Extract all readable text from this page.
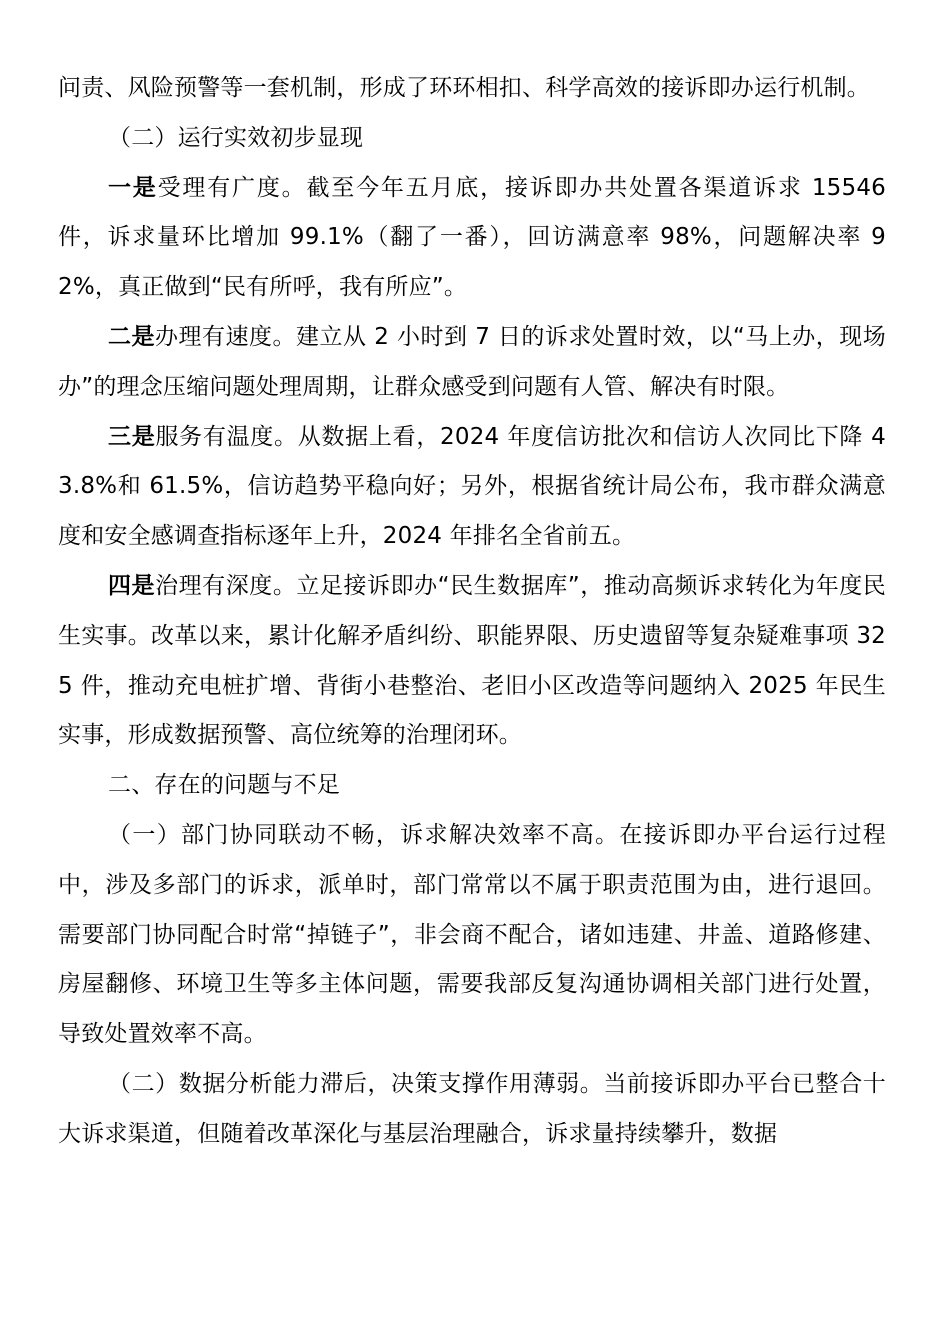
问责、风险预警等一套机制，形成了环环相扣、科学高效的接诉即办运行机制。

（二）运行实效初步显现

一是受理有广度。截至今年五月底，接诉即办共处置各渠道诉求 15546 件，诉求量环比增加 99.1%（翻了一番），回访满意率 98%，问题解决率 92%，真正做到“民有所呼，我有所应”。

二是办理有速度。建立从 2 小时到 7 日的诉求处置时效，以“马上办，现场办”的理念压缩问题处理周期，让群众感受到问题有人管、解决有时限。

三是服务有温度。从数据上看，2024 年度信访批次和信访人次同比下降 43.8%和 61.5%，信访趋势平稳向好；另外，根据省统计局公布，我市群众满意度和安全感调查指标逐年上升，2024 年排名全省前五。

四是治理有深度。立足接诉即办“民生数据库”，推动高频诉求转化为年度民生实事。改革以来，累计化解矛盾纠纷、职能界限、历史遗留等复杂疑难事项 325 件，推动充电桩扩增、背街小巷整治、老旧小区改造等问题纳入 2025 年民生实事，形成数据预警、高位统筹的治理闭环。

二、存在的问题与不足

（一）部门协同联动不畅，诉求解决效率不高。在接诉即办平台运行过程中，涉及多部门的诉求，派单时，部门常常以不属于职责范围为由，进行退回。需要部门协同配合时常“掉链子”，非会商不配合，诸如违建、井盖、道路修建、房屋翻修、环境卫生等多主体问题，需要我部反复沟通协调相关部门进行处置，导致处置效率不高。

（二）数据分析能力滞后，决策支撑作用薄弱。当前接诉即办平台已整合十大诉求渠道，但随着改革深化与基层治理融合，诉求量持续攀升，数据
